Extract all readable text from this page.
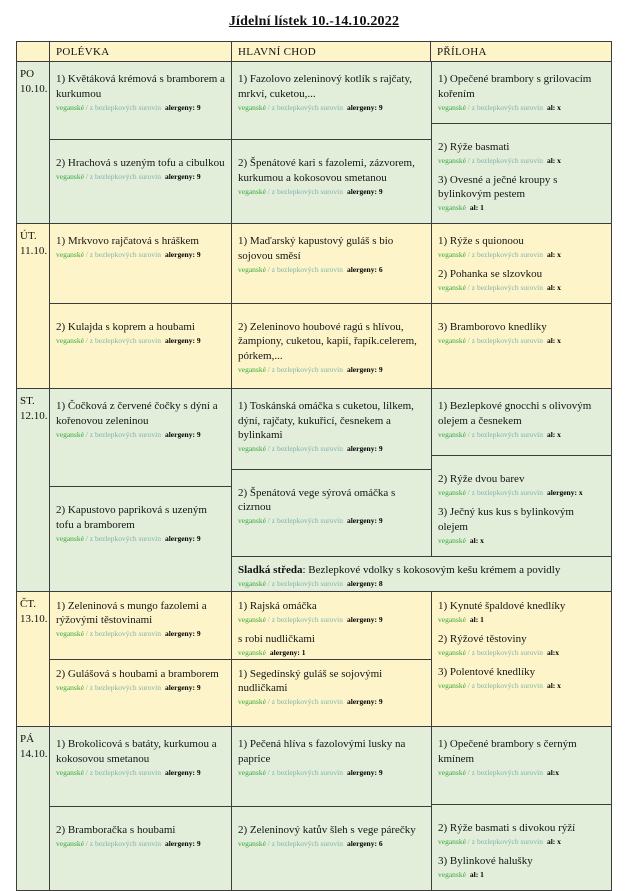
Jídelní lístek 10.-14.10.2022
POLÉVKA	HLAVNÍ CHOD	PŘÍLOHA
PO
10.10.
1) Květáková krémová s bramborem a kurkumou
veganské / z bezlepkových surovin alergeny: 9
2) Hrachová s uzeným tofu a cibulkou
veganské / z bezlepkových surovin alergeny: 9
1) Fazolovo zeleninový kotlík s rajčaty, mrkví, cuketou,...
veganské / z bezlepkových surovin alergeny: 9
2) Špenátové kari s fazolemi, zázvorem, kurkumou a kokosovou smetanou
veganské / z bezlepkových surovin alergeny: 9
1) Opečené brambory s grilovacím kořením
veganské / z bezlepkových surovin al: x
2) Rýže basmati
veganské / z bezlepkových surovin al: x
3) Ovesné a ječné kroupy s bylinkovým pestem
veganské al: 1
ÚT.
11.10.
1) Mrkvovo rajčatová s hráškem
veganské / z bezlepkových surovin alergeny: 9
2) Kulajda s koprem a houbami
veganské / z bezlepkových surovin alergeny: 9
1) Maďarský kapustový guláš s bio sojovou směsí
veganské / z bezlepkových surovin alergeny: 6
2) Zeleninovo houbové ragú s hlívou, žampiony, cuketou, kapií, řapík.celerem, pórkem,...
veganské / z bezlepkových surovin alergeny: 9
1) Rýže s quionoou
veganské / z bezlepkových surovin al: x
2) Pohanka se slzovkou
veganské / z bezlepkových surovin al: x
3) Bramborovo knedlíky
veganské / z bezlepkových surovin al: x
ST.
12.10.
1) Čočková z červené čočky s dýní a kořenovou zeleninou
veganské / z bezlepkových surovin alergeny: 9
2) Kapustovo papriková s uzeným tofu a bramborem
veganské / z bezlepkových surovin alergeny: 9
1) Toskánská omáčka s cuketou, lilkem, dýní, rajčaty, kukuřicí, česnekem a bylinkami
veganské / z bezlepkových surovin alergeny: 9
2) Špenátová vege sýrová omáčka s cizrnou
veganské / z bezlepkových surovin alergeny: 9
1) Bezlepkové gnocchi s olivovým olejem a česnekem
veganské / z bezlepkových surovin al: x
2) Rýže dvou barev
veganské / z bezlepkových surovin alergeny: x
3) Ječný kus kus s bylinkovým olejem
veganské al: x
Sladká středa: Bezlepkové vdolky s kokosovým kešu krémem a povidly
veganské / z bezlepkových surovin alergeny: 8
ČT.
13.10.
1) Zeleninová s mungo fazolemi a rýžovými těstovinami
veganské / z bezlepkových surovin alergeny: 9
2) Gulášová s houbami a bramborem
veganské / z bezlepkových surovin alergeny: 9
1) Rajská omáčka
veganské / z bezlepkových surovin alergeny: 9
s robi nudličkami
veganské alergeny: 1
1) Segedínský guláš se sojovými nudličkami
veganské / z bezlepkových surovin alergeny: 9
1) Kynuté špaldové knedlíky
veganské al: 1
2) Rýžové těstoviny
veganské / z bezlepkových surovin al:x
3) Polentové knedlíky
veganské / z bezlepkových surovin al: x
PÁ
14.10.
1) Brokolicová s batáty, kurkumou a kokosovou smetanou
veganské / z bezlepkových surovin alergeny: 9
2) Bramboračka s houbami
veganské / z bezlepkových surovin alergeny: 9
1) Pečená hlíva s fazolovými lusky na paprice
veganské / z bezlepkových surovin alergeny: 9
2) Zeleninový katův šleh s vege párečky
veganské / z bezlepkových surovin alergeny: 6
1) Opečené brambory s černým kmínem
veganské / z bezlepkových surovin al:x
2) Rýže basmati s divokou rýží
veganské / z bezlepkových surovin al: x
3) Bylinkové halušky
veganské al: 1
